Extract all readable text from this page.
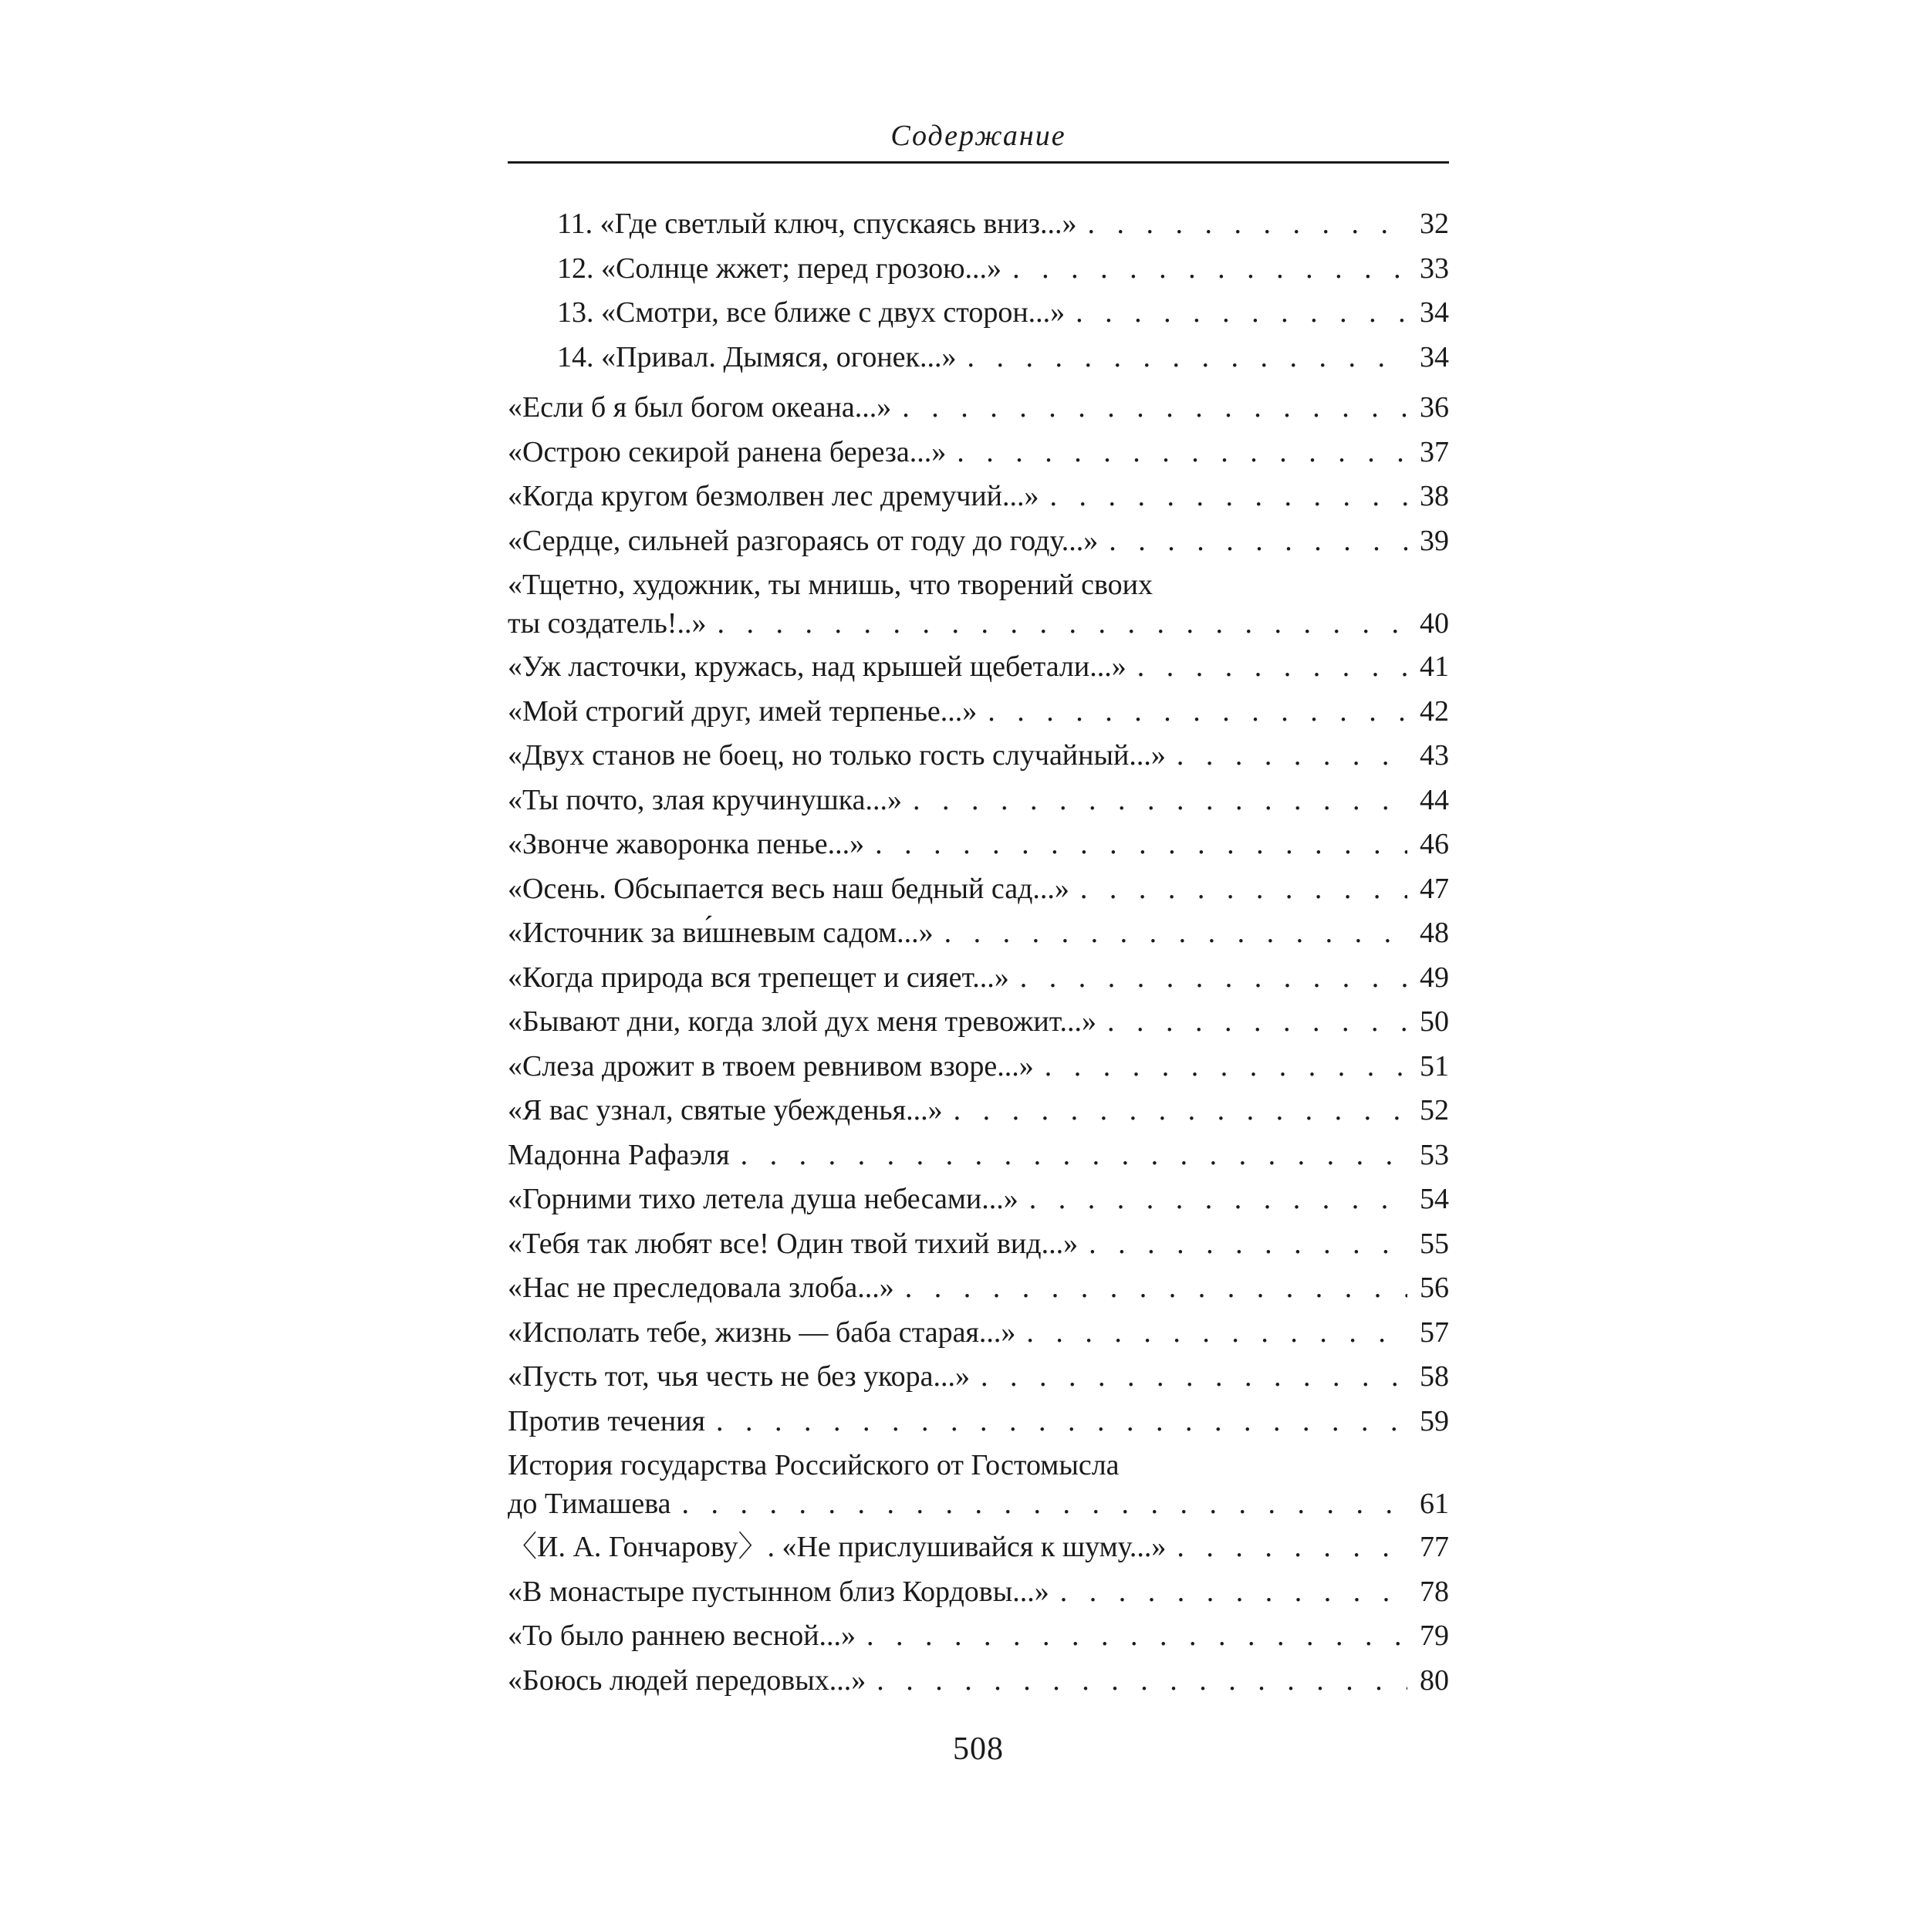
Содержание
11. «Где светлый ключ, спускаясь вниз...» . . .	32
12. «Солнце жжет; перед грозою...» . . .	33
13. «Смотри, все ближе с двух сторон...» . . .	34
14. «Привал. Дымяся, огонек...» . . .	34
«Если б я был богом океана...» . . .	36
«Острою секирой ранена береза...» . . .	37
«Когда кругом безмолвен лес дремучий...» . . .	38
«Сердце, сильней разгораясь от году до году...» . . .	39
«Тщетно, художник, ты мнишь, что творений своих
ты создатель!..» . . .	40
«Уж ласточки, кружась, над крышей щебетали...» . . .	41
«Мой строгий друг, имей терпенье...» . . .	42
«Двух станов не боец, но только гость случайный...» . . .	43
«Ты почто, злая кручинушка...» . . .	44
«Звонче жаворонка пенье...» . . .	46
«Осень. Обсыпается весь наш бедный сад...» . . .	47
«Источник за ви́шневым садом...» . . .	48
«Когда природа вся трепещет и сияет...» . . .	49
«Бывают дни, когда злой дух меня тревожит...» . . .	50
«Слеза дрожит в твоем ревнивом взоре...» . . .	51
«Я вас узнал, святые убежденья...» . . .	52
Мадонна Рафаэля . . .	53
«Горними тихо летела душа небесами...» . . .	54
«Тебя так любят все! Один твой тихий вид...» . . .	55
«Нас не преследовала злоба...» . . .	56
«Исполать тебе, жизнь — баба старая...» . . .	57
«Пусть тот, чья честь не без укора...» . . .	58
Против течения . . .	59
История государства Российского от Гостомысла
до Тимашева . . .	61
〈И. А. Гончарову〉. «Не прислушивайся к шуму...» . . .	77
«В монастыре пустынном близ Кордовы...» . . .	78
«То было раннею весной...» . . .	79
«Боюсь людей передовых...» . . .	80
508
